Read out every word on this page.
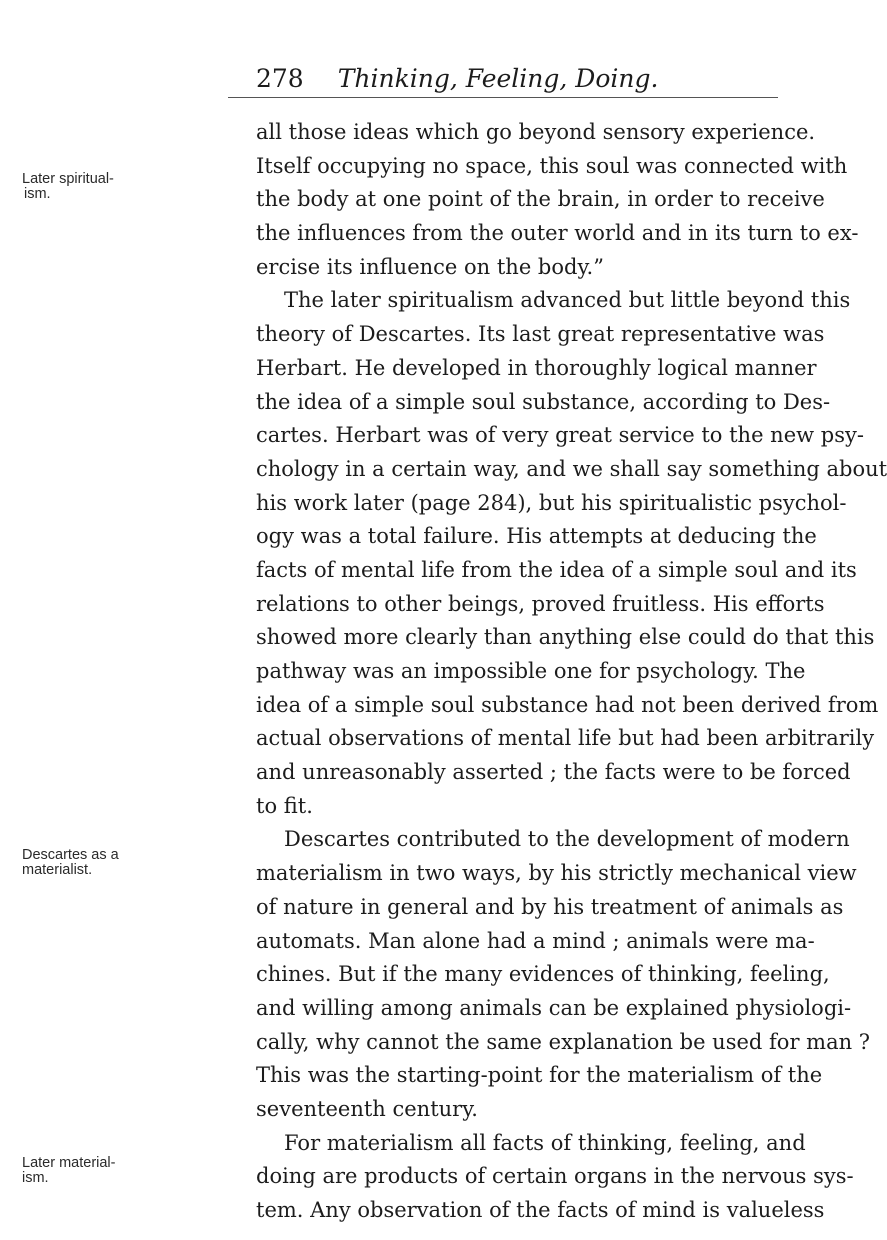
278 Thinking, Feeling, Doing.
Later spiritual-
ism.
Descartes as a
materialist.
Later material-
ism.
all those ideas which go beyond sensory experience.
Itself occupying no space, this soul was connected with
the body at one point of the brain, in order to receive
the influences from the outer world and in its turn to ex-
ercise its influence on the body.”
The later spiritualism advanced but little beyond this
theory of Descartes. Its last great representative was
Herbart. He developed in thoroughly logical manner
the idea of a simple soul substance, according to Des-
cartes. Herbart was of very great service to the new psy-
chology in a certain way, and we shall say something about
his work later (page 284), but his spiritualistic psychol-
ogy was a total failure. His attempts at deducing the
facts of mental life from the idea of a simple soul and its
relations to other beings, proved fruitless. His efforts
showed more clearly than anything else could do that this
pathway was an impossible one for psychology. The
idea of a simple soul substance had not been derived from
actual observations of mental life but had been arbitrarily
and unreasonably asserted ; the facts were to be forced
to fit.
Descartes contributed to the development of modern
materialism in two ways, by his strictly mechanical view
of nature in general and by his treatment of animals as
automats. Man alone had a mind ; animals were ma-
chines. But if the many evidences of thinking, feeling,
and willing among animals can be explained physiologi-
cally, why cannot the same explanation be used for man ?
This was the starting-point for the materialism of the
seventeenth century.
For materialism all facts of thinking, feeling, and
doing are products of certain organs in the nervous sys-
tem. Any observation of the facts of mind is valueless
